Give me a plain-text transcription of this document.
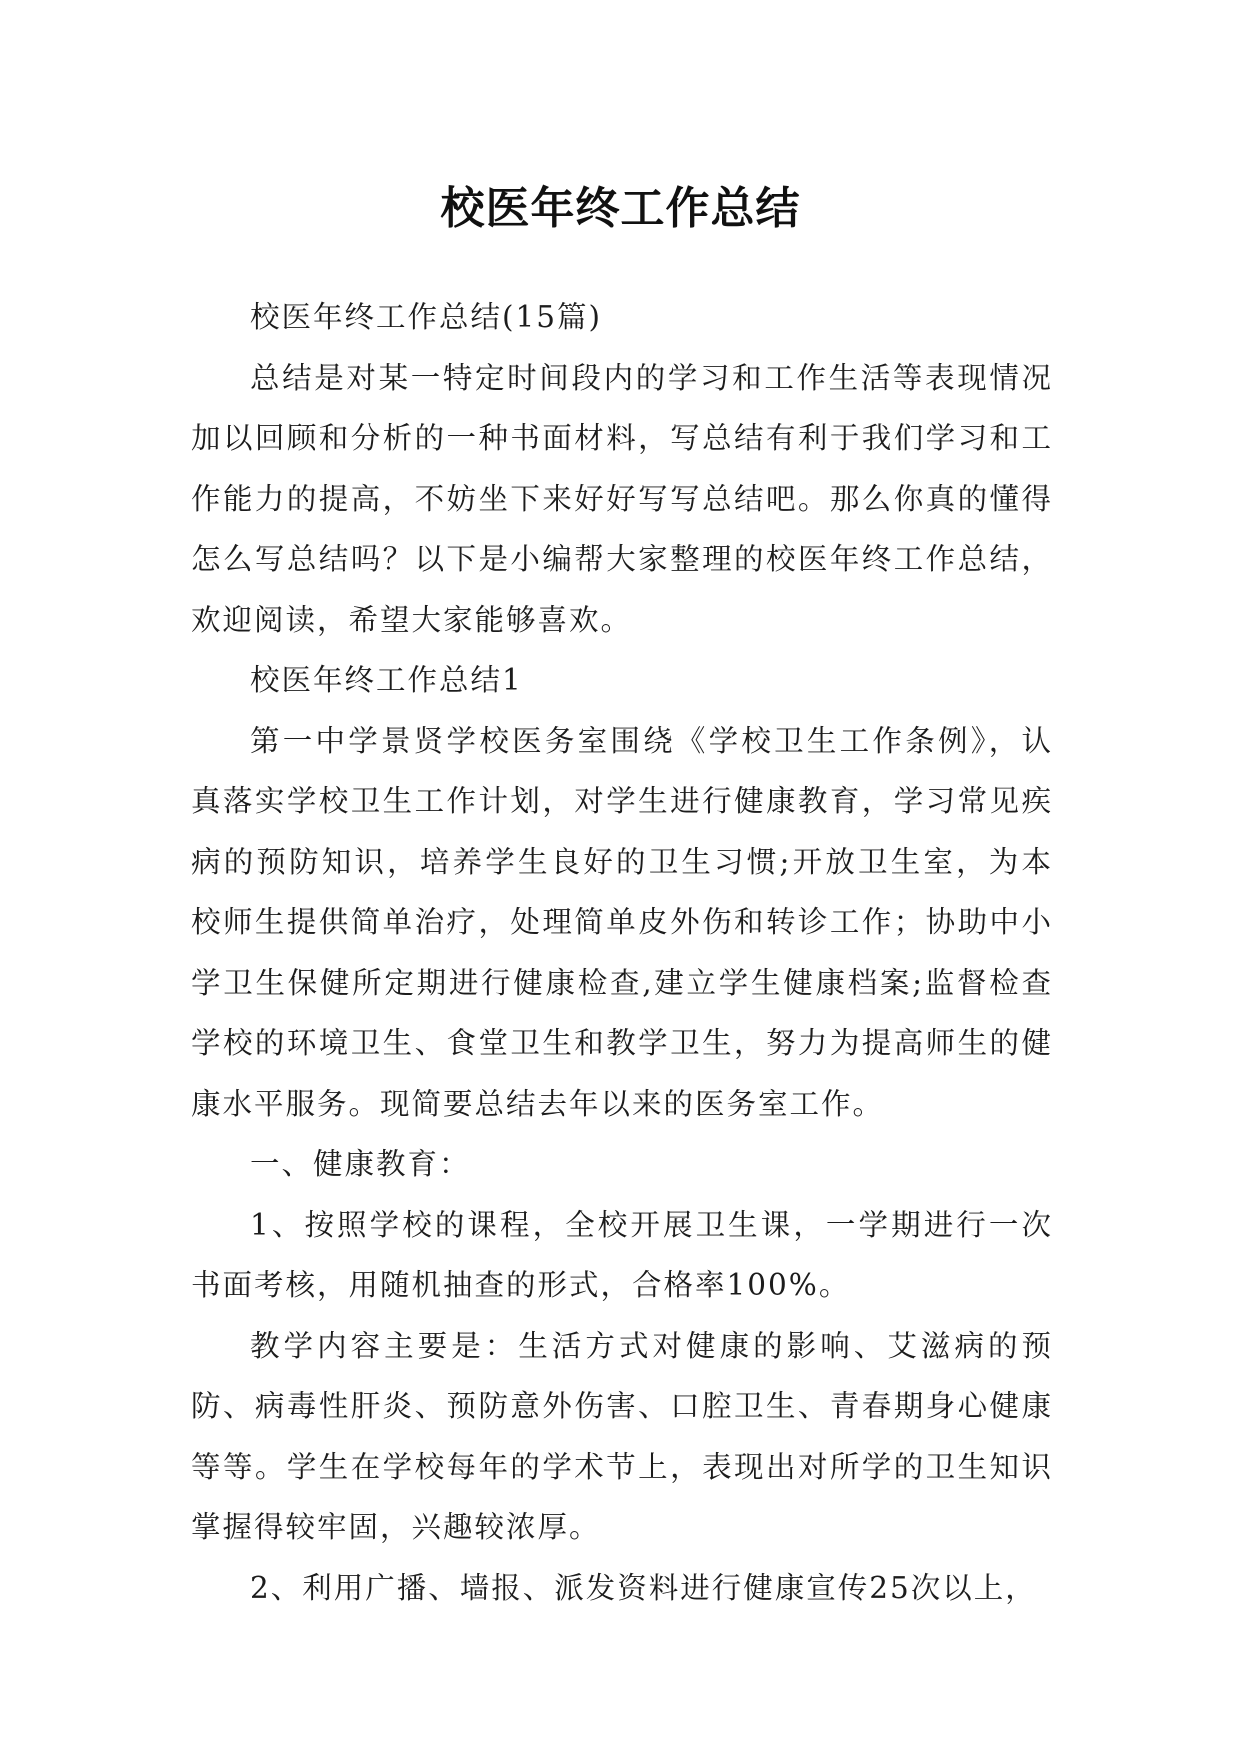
校医年终工作总结

校医年终工作总结(15篇)

总结是对某一特定时间段内的学习和工作生活等表现情况加以回顾和分析的一种书面材料，写总结有利于我们学习和工作能力的提高，不妨坐下来好好写写总结吧。那么你真的懂得怎么写总结吗？以下是小编帮大家整理的校医年终工作总结，欢迎阅读，希望大家能够喜欢。

校医年终工作总结1

第一中学景贤学校医务室围绕《学校卫生工作条例》，认真落实学校卫生工作计划，对学生进行健康教育，学习常见疾病的预防知识，培养学生良好的卫生习惯;开放卫生室，为本校师生提供简单治疗，处理简单皮外伤和转诊工作；协助中小学卫生保健所定期进行健康检查,建立学生健康档案;监督检查学校的环境卫生、食堂卫生和教学卫生，努力为提高师生的健康水平服务。现简要总结去年以来的医务室工作。

一、健康教育：

1、按照学校的课程，全校开展卫生课，一学期进行一次书面考核，用随机抽查的形式，合格率100%。

教学内容主要是：生活方式对健康的影响、艾滋病的预防、病毒性肝炎、预防意外伤害、口腔卫生、青春期身心健康等等。学生在学校每年的学术节上，表现出对所学的卫生知识掌握得较牢固，兴趣较浓厚。

2、利用广播、墙报、派发资料进行健康宣传25次以上，
